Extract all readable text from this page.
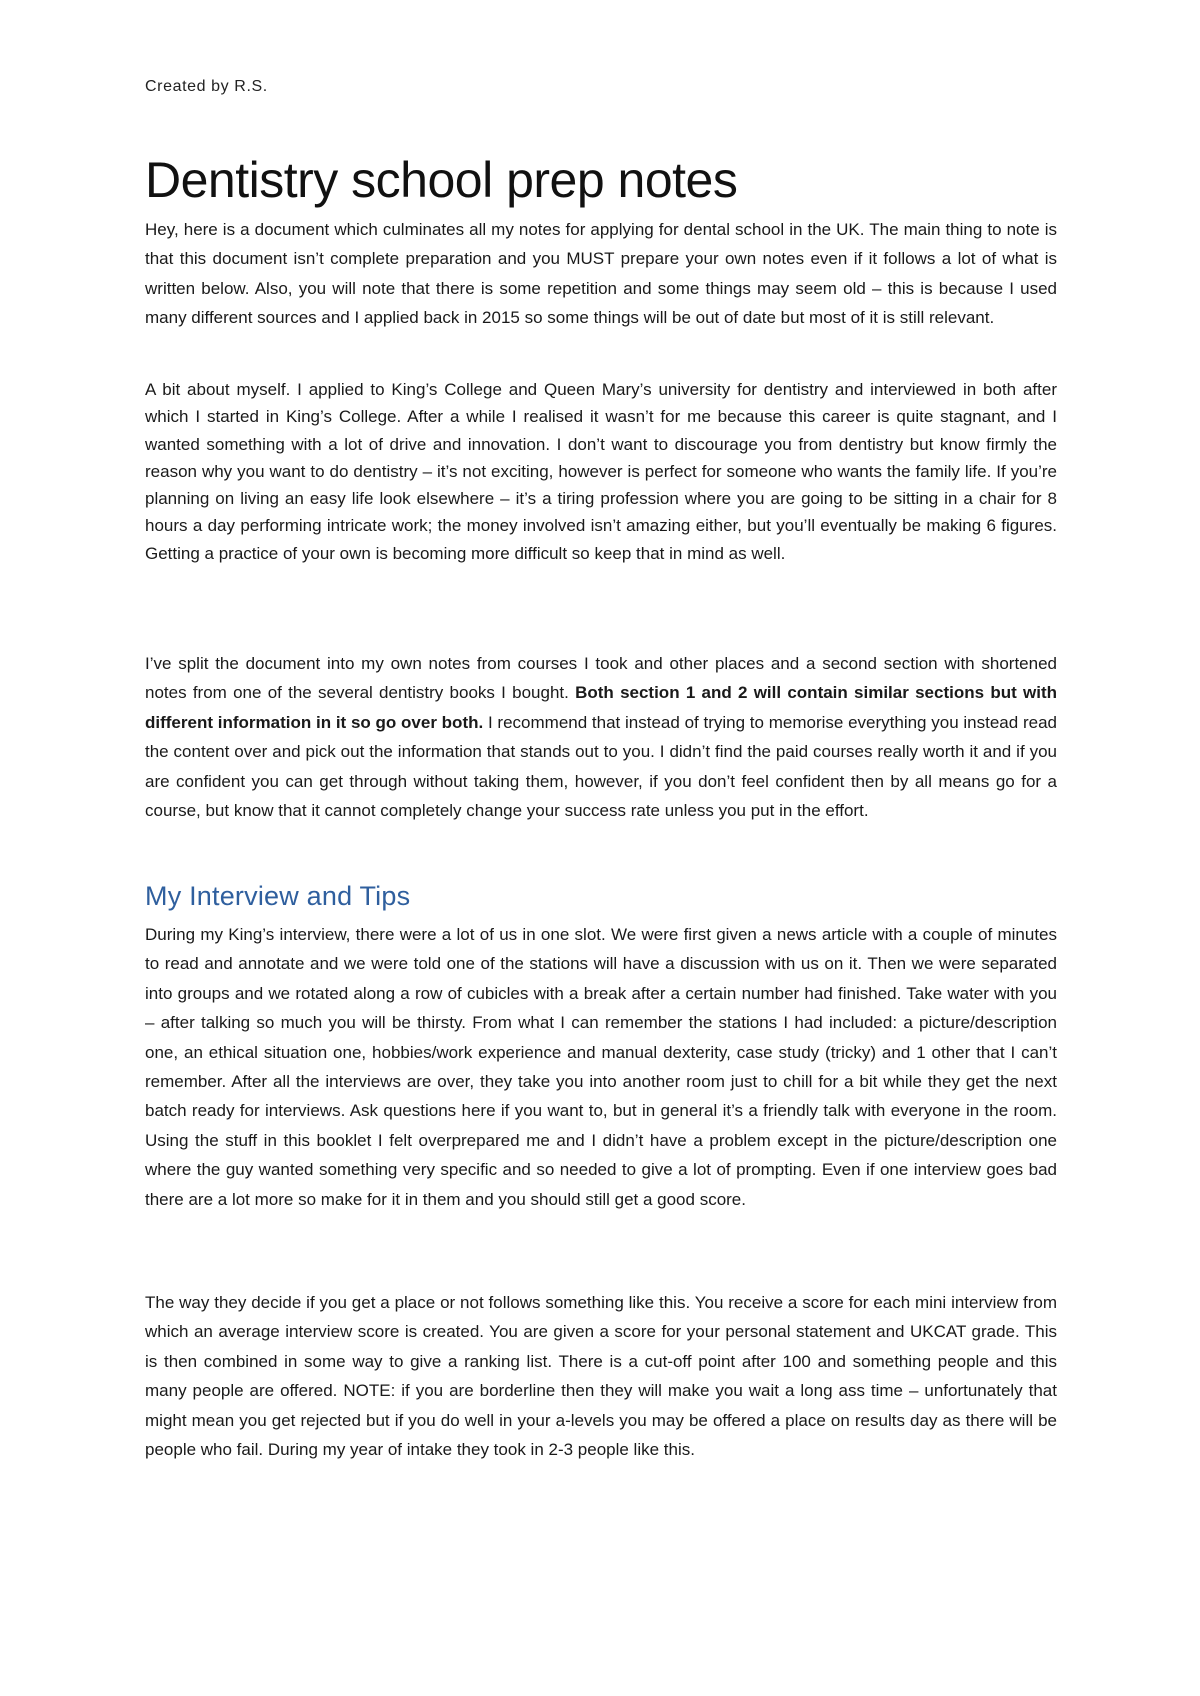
Created by R.S.
Dentistry school prep notes

Hey, here is a document which culminates all my notes for applying for dental school in the UK. The main thing to note is that this document isn’t complete preparation and you MUST prepare your own notes even if it follows a lot of what is written below. Also, you will note that there is some repetition and some things may seem old – this is because I used many different sources and I applied back in 2015 so some things will be out of date but most of it is still relevant.

A bit about myself. I applied to King’s College and Queen Mary’s university for dentistry and interviewed in both after which I started in King’s College. After a while I realised it wasn’t for me because this career is quite stagnant, and I wanted something with a lot of drive and innovation. I don’t want to discourage you from dentistry but know firmly the reason why you want to do dentistry – it’s not exciting, however is perfect for someone who wants the family life. If you’re planning on living an easy life look elsewhere – it’s a tiring profession where you are going to be sitting in a chair for 8 hours a day performing intricate work; the money involved isn’t amazing either, but you’ll eventually be making 6 figures. Getting a practice of your own is becoming more difficult so keep that in mind as well.

I’ve split the document into my own notes from courses I took and other places and a second section with shortened notes from one of the several dentistry books I bought. Both section 1 and 2 will contain similar sections but with different information in it so go over both. I recommend that instead of trying to memorise everything you instead read the content over and pick out the information that stands out to you. I didn’t find the paid courses really worth it and if you are confident you can get through without taking them, however, if you don’t feel confident then by all means go for a course, but know that it cannot completely change your success rate unless you put in the effort.

My Interview and Tips

During my King’s interview, there were a lot of us in one slot. We were first given a news article with a couple of minutes to read and annotate and we were told one of the stations will have a discussion with us on it. Then we were separated into groups and we rotated along a row of cubicles with a break after a certain number had finished. Take water with you – after talking so much you will be thirsty. From what I can remember the stations I had included: a picture/description one, an ethical situation one, hobbies/work experience and manual dexterity, case study (tricky) and 1 other that I can’t remember. After all the interviews are over, they take you into another room just to chill for a bit while they get the next batch ready for interviews. Ask questions here if you want to, but in general it’s a friendly talk with everyone in the room. Using the stuff in this booklet I felt overprepared me and I didn’t have a problem except in the picture/description one where the guy wanted something very specific and so needed to give a lot of prompting. Even if one interview goes bad there are a lot more so make for it in them and you should still get a good score.

The way they decide if you get a place or not follows something like this. You receive a score for each mini interview from which an average interview score is created. You are given a score for your personal statement and UKCAT grade. This is then combined in some way to give a ranking list. There is a cut-off point after 100 and something people and this many people are offered. NOTE: if you are borderline then they will make you wait a long ass time – unfortunately that might mean you get rejected but if you do well in your a-levels you may be offered a place on results day as there will be people who fail. During my year of intake they took in 2-3 people like this.
